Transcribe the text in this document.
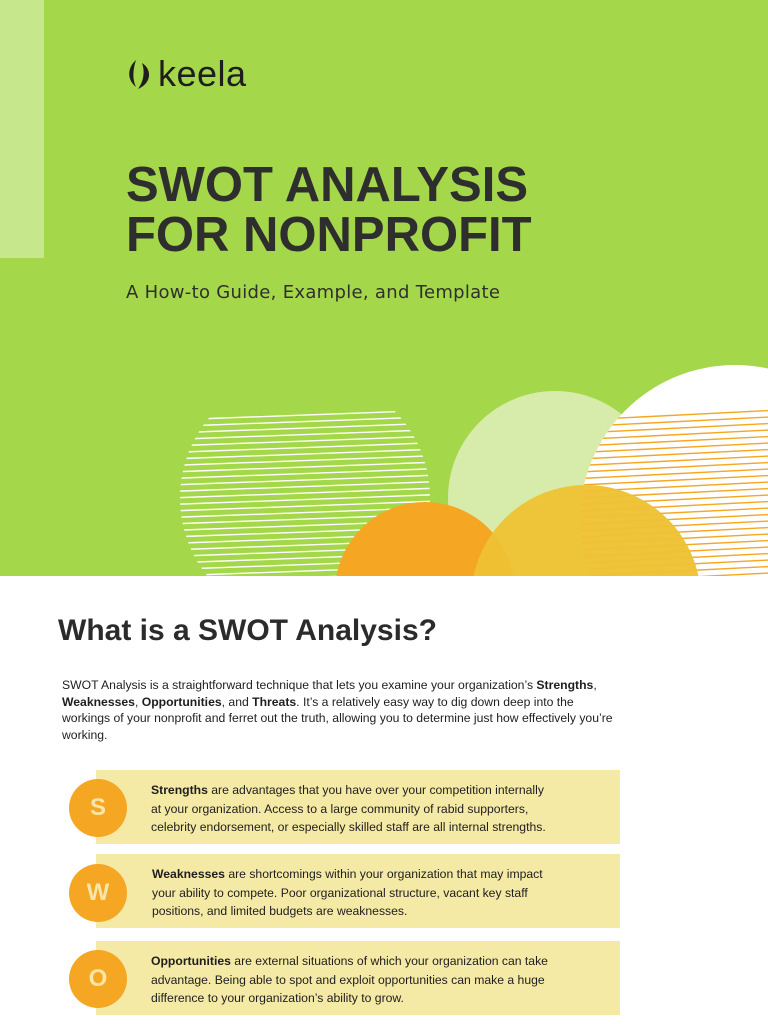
keela
SWOT ANALYSIS
FOR NONPROFIT
A How-to Guide, Example, and Template
What is a SWOT Analysis?

SWOT Analysis is a straightforward technique that lets you examine your organization’s Strengths, Weaknesses, Opportunities, and Threats. It’s a relatively easy way to dig down deep into the workings of your nonprofit and ferret out the truth, allowing you to determine just how effectively you’re working.

Strengths are advantages that you have over your competition internally at your organization. Access to a large community of rabid supporters, celebrity endorsement, or especially skilled staff are all internal strengths.

S

Weaknesses are shortcomings within your organization that may impact your ability to compete. Poor organizational structure, vacant key staff positions, and limited budgets are weaknesses.

W

Opportunities are external situations of which your organization can take advantage. Being able to spot and exploit opportunities can make a huge difference to your organization’s ability to grow.

O
